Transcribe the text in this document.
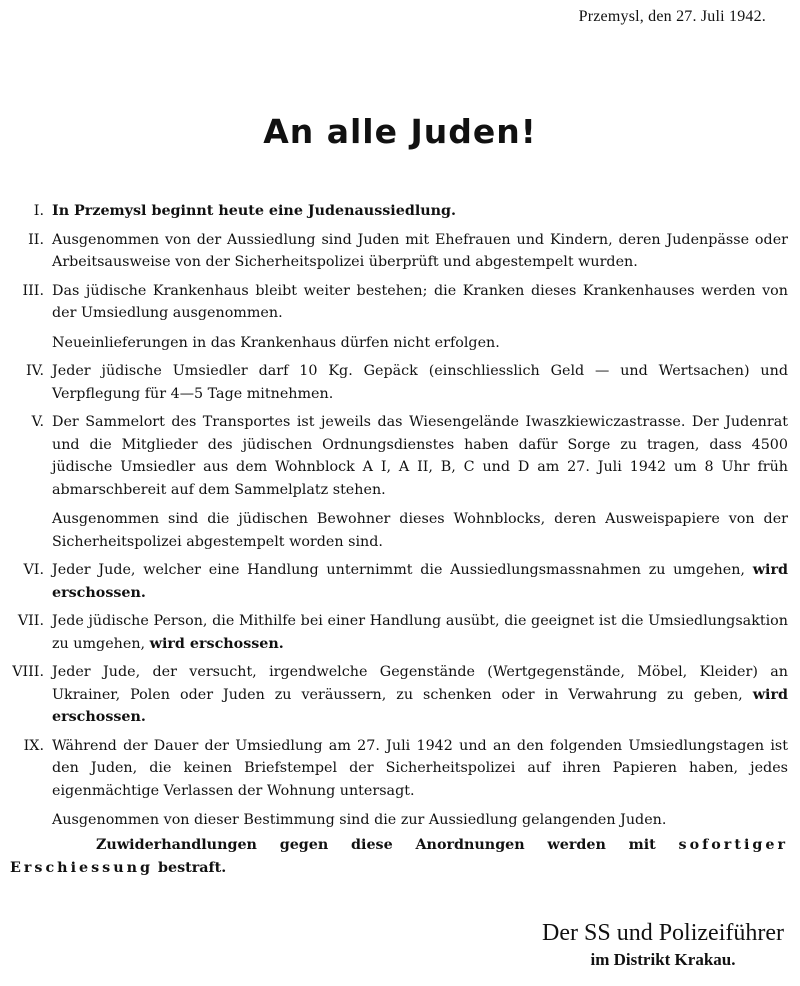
Przemysl, den 27. Juli 1942.
An alle Juden!
I. In Przemysl beginnt heute eine Judenaussiedlung.
II. Ausgenommen von der Aussiedlung sind Juden mit Ehefrauen und Kindern, deren Judenpässe oder Arbeitsausweise von der Sicherheitspolizei überprüft und abgestempelt wurden.
III. Das jüdische Krankenhaus bleibt weiter bestehen; die Kranken dieses Krankenhauses werden von der Umsiedlung ausgenommen.
Neueinlieferungen in das Krankenhaus dürfen nicht erfolgen.
IV. Jeder jüdische Umsiedler darf 10 Kg. Gepäck (einschliesslich Geld — und Wertsachen) und Verpflegung für 4—5 Tage mitnehmen.
V. Der Sammelort des Transportes ist jeweils das Wiesengelände Iwaszkiewiczastrasse. Der Judenrat und die Mitglieder des jüdischen Ordnungsdienstes haben dafür Sorge zu tragen, dass 4500 jüdische Umsiedler aus dem Wohnblock A I, A II, B, C und D am 27. Juli 1942 um 8 Uhr früh abmarschbereit auf dem Sammelplatz stehen.
Ausgenommen sind die jüdischen Bewohner dieses Wohnblocks, deren Ausweispapiere von der Sicherheitspolizei abgestempelt worden sind.
VI. Jeder Jude, welcher eine Handlung unternimmt die Aussiedlungsmassnahmen zu umgehen, wird erschossen.
VII. Jede jüdische Person, die Mithilfe bei einer Handlung ausübt, die geeignet ist die Umsiedlungsaktion zu umgehen, wird erschossen.
VIII. Jeder Jude, der versucht, irgendwelche Gegenstände (Wertgegenstände, Möbel, Kleider) an Ukrainer, Polen oder Juden zu veräussern, zu schenken oder in Verwahrung zu geben, wird erschossen.
IX. Während der Dauer der Umsiedlung am 27. Juli 1942 und an den folgenden Umsiedlungstagen ist den Juden, die keinen Briefstempel der Sicherheitspolizei auf ihren Papieren haben, jedes eigenmächtige Verlassen der Wohnung untersagt.
Ausgenommen von dieser Bestimmung sind die zur Aussiedlung gelangenden Juden.
Zuwiderhandlungen gegen diese Anordnungen werden mit sofortiger Erschiessung bestraft.
Der SS und Polizeiführer
im Distrikt Krakau.
